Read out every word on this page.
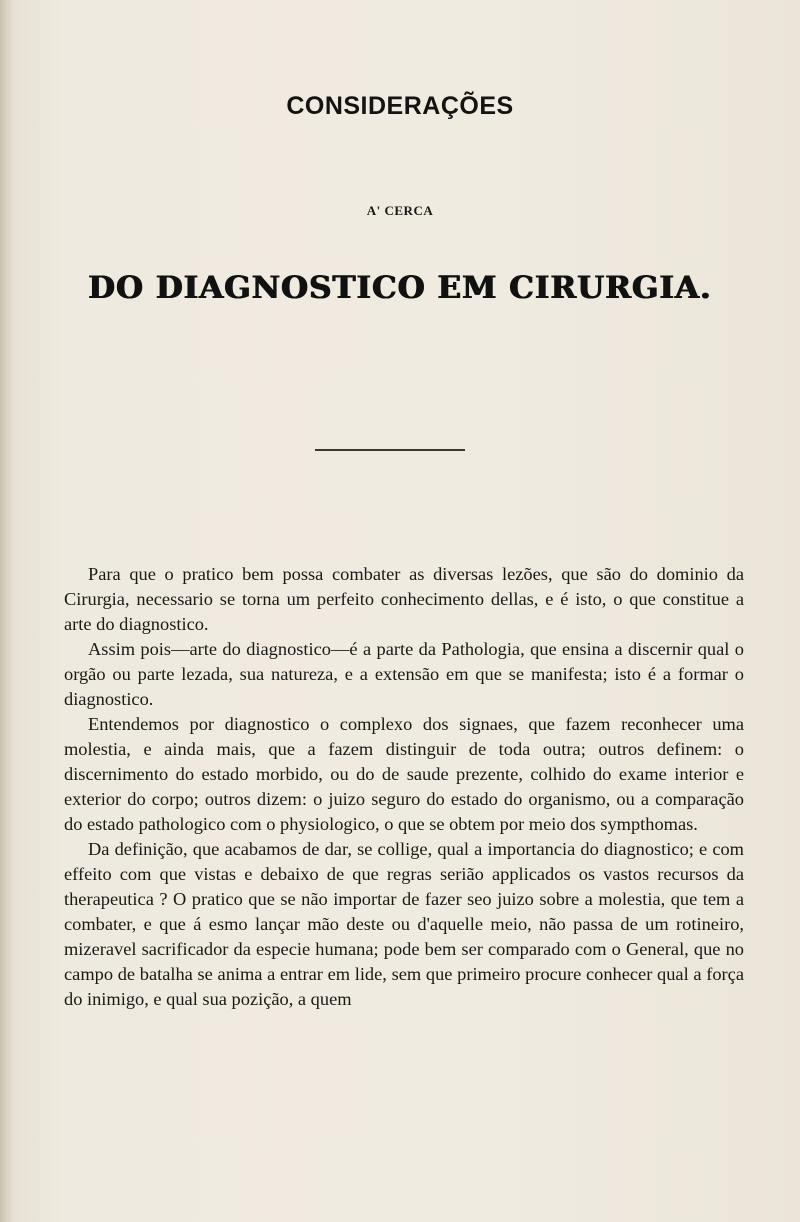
CONSIDERAÇÕES
A' CERCA
DO DIAGNOSTICO EM CIRURGIA.

Para que o pratico bem possa combater as diversas lezões, que são do dominio da Cirurgia, necessario se torna um perfeito conhecimento dellas, e é isto, o que constitue a arte do diagnostico.

Assim pois—arte do diagnostico—é a parte da Pathologia, que ensina a discernir qual o orgão ou parte lezada, sua natureza, e a extensão em que se manifesta; isto é a formar o diagnostico.

Entendemos por diagnostico o complexo dos signaes, que fazem reconhecer uma molestia, e ainda mais, que a fazem distinguir de toda outra; outros definem: o discernimento do estado morbido, ou do de saude prezente, colhido do exame interior e exterior do corpo; outros dizem: o juizo seguro do estado do organismo, ou a comparação do estado pathologico com o physiologico, o que se obtem por meio dos sympthomas.

Da definição, que acabamos de dar, se collige, qual a importancia do diagnostico; e com effeito com que vistas e debaixo de que regras serião applicados os vastos recursos da therapeutica ? O pratico que se não importar de fazer seo juizo sobre a molestia, que tem a combater, e que á esmo lançar mão deste ou d'aquelle meio, não passa de um rotineiro, mizeravel sacrificador da especie humana; pode bem ser comparado com o General, que no campo de batalha se anima a entrar em lide, sem que primeiro procure conhecer qual a força do inimigo, e qual sua pozição, a quem
